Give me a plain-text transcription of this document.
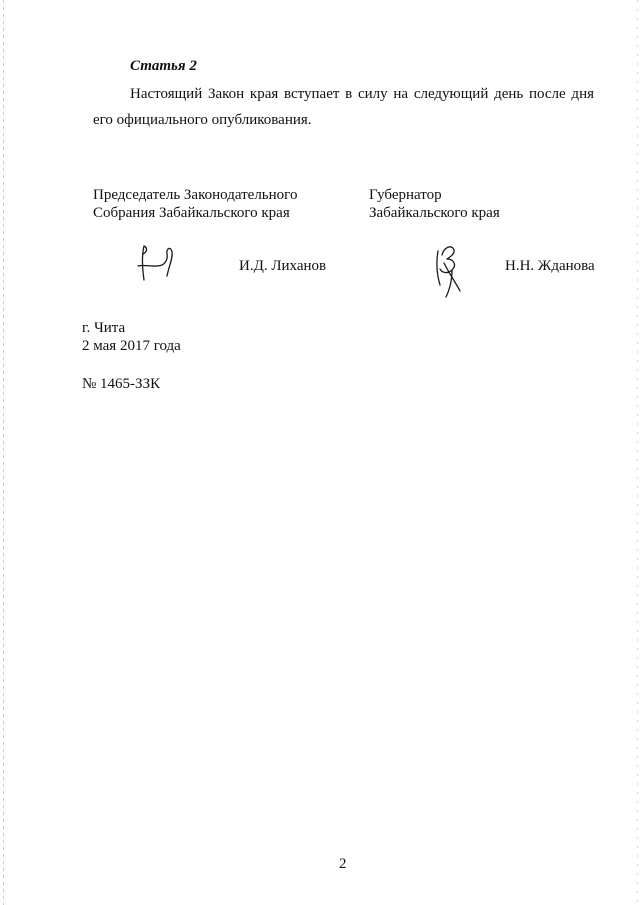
Статья 2
Настоящий Закон края вступает в силу на следующий день после дня
его официального опубликования.
Председатель Законодательного
Собрания Забайкальского края
Губернатор
Забайкальского края
И.Д. Лиханов	Н.Н. Жданова
г. Чита
2 мая 2017 года
№ 1465-ЗЗК
2
